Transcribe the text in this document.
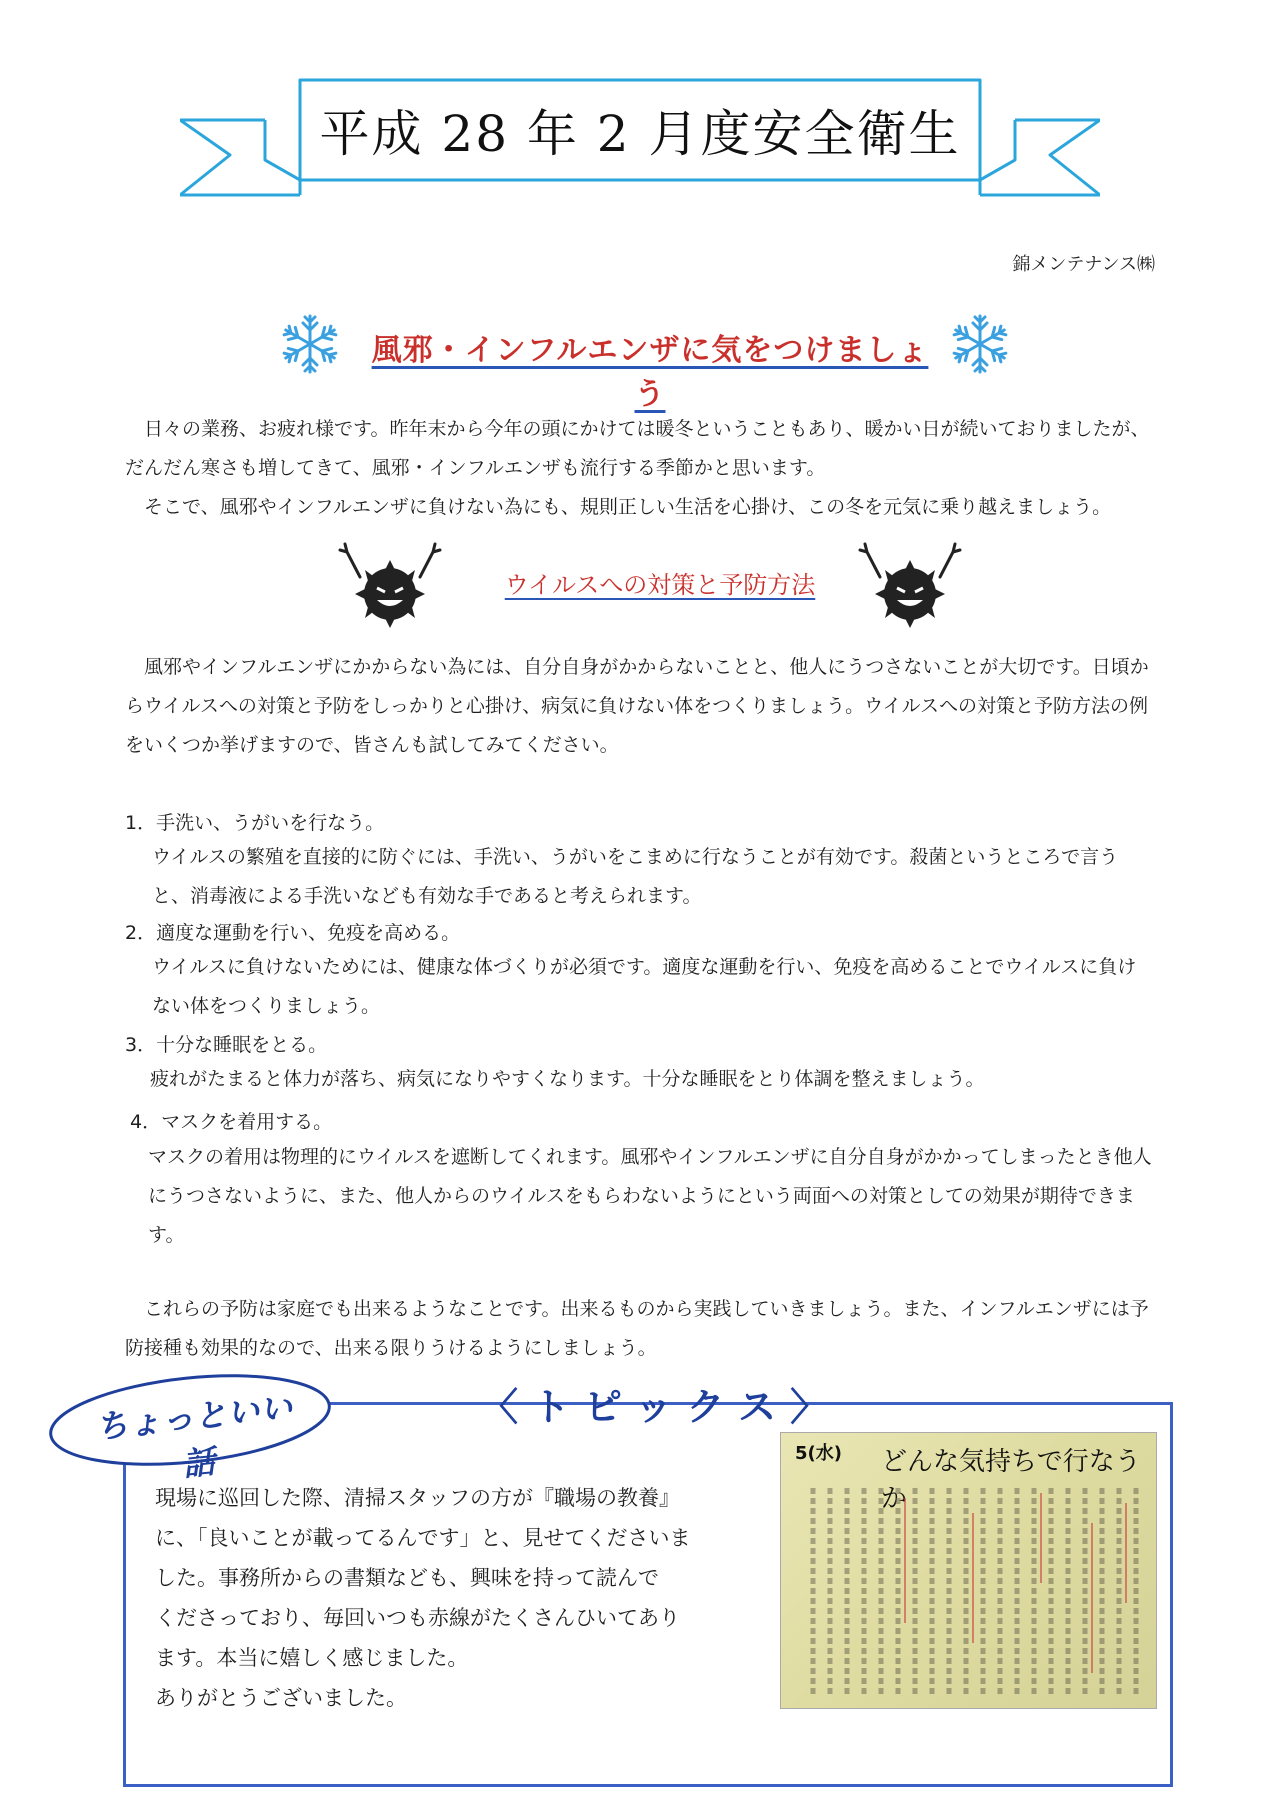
平成 28 年 2 月度安全衛生
錦メンテナンス㈱
風邪・インフルエンザに気をつけましょう

日々の業務、お疲れ様です。昨年末から今年の頭にかけては暖冬ということもあり、暖かい日が続いておりましたが、だんだん寒さも増してきて、風邪・インフルエンザも流行する季節かと思います。

そこで、風邪やインフルエンザに負けない為にも、規則正しい生活を心掛け、この冬を元気に乗り越えましょう。

ウイルスへの対策と予防方法
風邪やインフルエンザにかからない為には、自分自身がかからないことと、他人にうつさないことが大切です。日頃からウイルスへの対策と予防をしっかりと心掛け、病気に負けない体をつくりましょう。ウイルスへの対策と予防方法の例をいくつか挙げますので、皆さんも試してみてください。
1．手洗い、うがいを行なう。
ウイルスの繁殖を直接的に防ぐには、手洗い、うがいをこまめに行なうことが有効です。殺菌というところで言うと、消毒液による手洗いなども有効な手であると考えられます。
2．適度な運動を行い、免疫を高める。
ウイルスに負けないためには、健康な体づくりが必須です。適度な運動を行い、免疫を高めることでウイルスに負けない体をつくりましょう。
3．十分な睡眠をとる。
疲れがたまると体力が落ち、病気になりやすくなります。十分な睡眠をとり体調を整えましょう。
4．マスクを着用する。
マスクの着用は物理的にウイルスを遮断してくれます。風邪やインフルエンザに自分自身がかかってしまったとき他人にうつさないように、また、他人からのウイルスをもらわないようにという両面への対策としての効果が期待できます。
これらの予防は家庭でも出来るようなことです。出来るものから実践していきましょう。また、インフルエンザには予防接種も効果的なので、出来る限りうけるようにしましょう。
ちょっといい話
〈トピックス〉

現場に巡回した際、清掃スタッフの方が『職場の教養』

に、「良いことが載ってるんです」と、見せてくださいま

した。事務所からの書類なども、興味を持って読んで

くださっており、毎回いつも赤線がたくさんひいてあり

ます。本当に嬉しく感じました。

ありがとうございました。

5(水) どんな気持ちで行なうか
